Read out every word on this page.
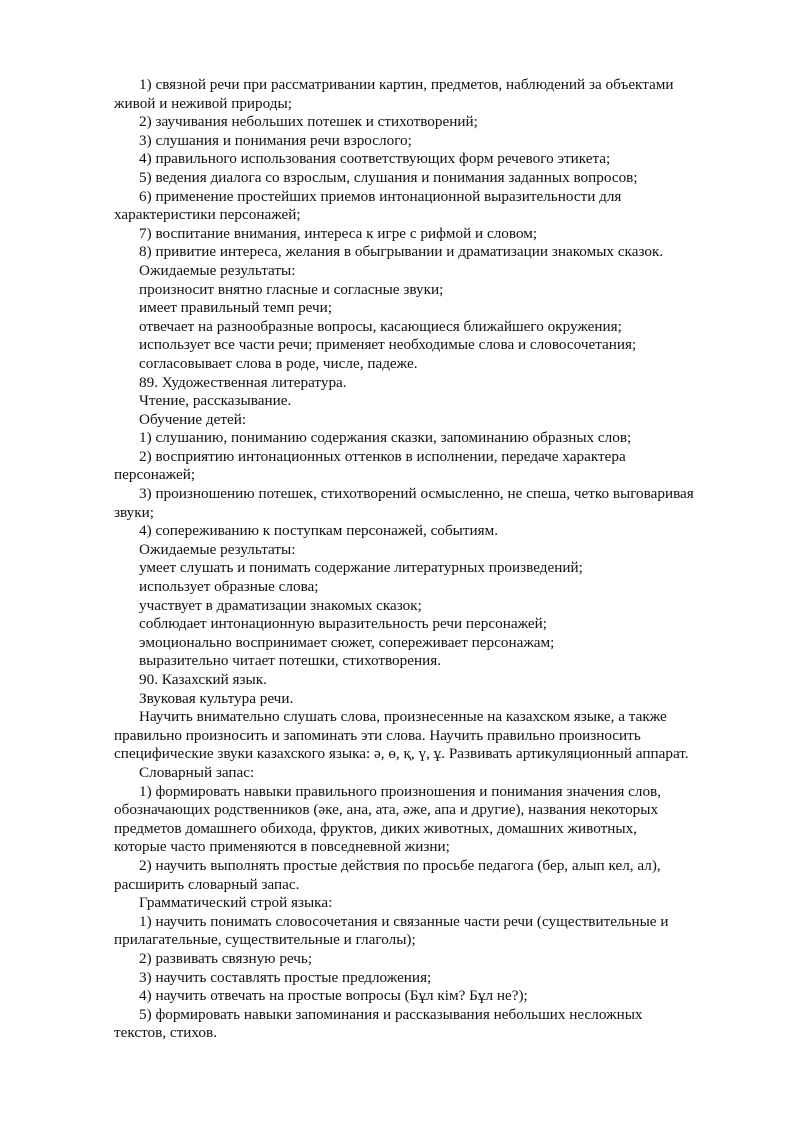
1) связной речи при рассматривании картин, предметов, наблюдений за объектами
живой и неживой природы;
2) заучивания небольших потешек и стихотворений;
3) слушания и понимания речи взрослого;
4) правильного использования соответствующих форм речевого этикета;
5) ведения диалога со взрослым, слушания и понимания заданных вопросов;
6) применение простейших приемов интонационной выразительности для
характеристики персонажей;
7) воспитание внимания, интереса к игре с рифмой и словом;
8) привитие интереса, желания в обыгрывании и драматизации знакомых сказок.
Ожидаемые результаты:
произносит внятно гласные и согласные звуки;
имеет правильный темп речи;
отвечает на разнообразные вопросы, касающиеся ближайшего окружения;
использует все части речи; применяет необходимые слова и словосочетания;
согласовывает слова в роде, числе, падеже.
89. Художественная литература.
Чтение, рассказывание.
Обучение детей:
1) слушанию, пониманию содержания сказки, запоминанию образных слов;
2) восприятию интонационных оттенков в исполнении, передаче характера
персонажей;
3) произношению потешек, стихотворений осмысленно, не спеша, четко выговаривая
звуки;
4) сопереживанию к поступкам персонажей, событиям.
Ожидаемые результаты:
умеет слушать и понимать содержание литературных произведений;
использует образные слова;
участвует в драматизации знакомых сказок;
соблюдает интонационную выразительность речи персонажей;
эмоционально воспринимает сюжет, сопереживает персонажам;
выразительно читает потешки, стихотворения.
90. Казахский язык.
Звуковая культура речи.
Научить внимательно слушать слова, произнесенные на казахском языке, а также
правильно произносить и запоминать эти слова. Научить правильно произносить
специфические звуки казахского языка: ә, ө, қ, ү, ұ. Развивать артикуляционный аппарат.
Словарный запас:
1) формировать навыки правильного произношения и понимания значения слов,
обозначающих родственников (әке, ана, ата, әже, апа и другие), названия некоторых
предметов домашнего обихода, фруктов, диких животных, домашних животных,
которые часто применяются в повседневной жизни;
2) научить выполнять простые действия по просьбе педагога (бер, алып кел, ал),
расширить словарный запас.
Грамматический строй языка:
1) научить понимать словосочетания и связанные части речи (существительные и
прилагательные, существительные и глаголы);
2) развивать связную речь;
3) научить составлять простые предложения;
4) научить отвечать на простые вопросы (Бұл кім? Бұл не?);
5) формировать навыки запоминания и рассказывания небольших несложных
текстов, стихов.
